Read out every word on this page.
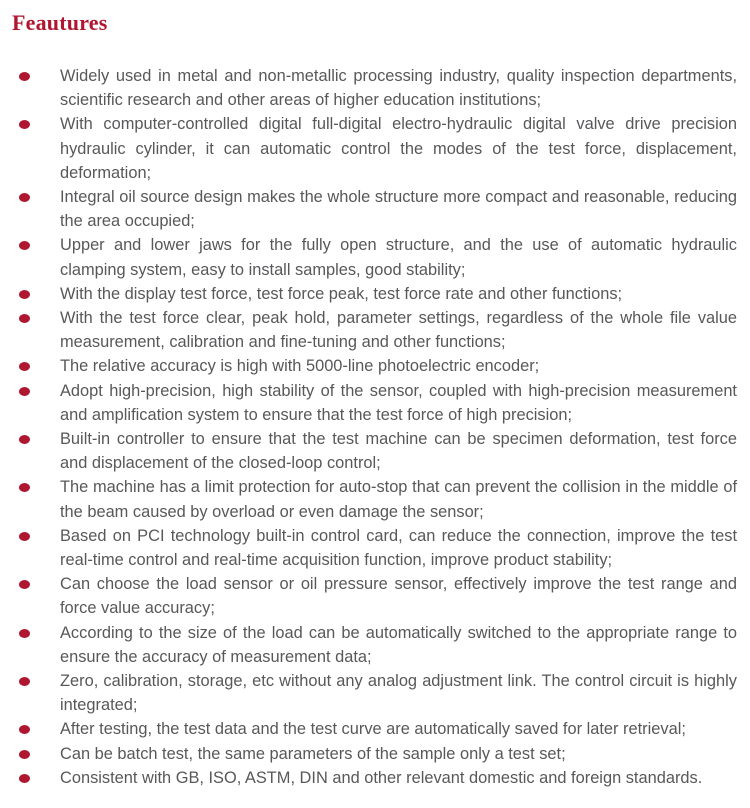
Feautures
Widely used in metal and non-metallic processing industry, quality inspection departments, scientific research and other areas of higher education institutions;
With computer-controlled digital full-digital electro-hydraulic digital valve drive precision hydraulic cylinder, it can automatic control the modes of the test force, displacement, deformation;
Integral oil source design makes the whole structure more compact and reasonable, reducing the area occupied;
Upper and lower jaws for the fully open structure, and the use of automatic hydraulic clamping system, easy to install samples, good stability;
With the display test force, test force peak, test force rate and other functions;
With the test force clear, peak hold, parameter settings, regardless of the whole file value measurement, calibration and fine-tuning and other functions;
The relative accuracy is high with 5000-line photoelectric encoder;
Adopt high-precision, high stability of the sensor, coupled with high-precision measurement and amplification system to ensure that the test force of high precision;
Built-in controller to ensure that the test machine can be specimen deformation, test force and displacement of the closed-loop control;
The machine has a limit protection for auto-stop that can prevent the collision in the middle of the beam caused by overload or even damage the sensor;
Based on PCI technology built-in control card, can reduce the connection, improve the test real-time control and real-time acquisition function, improve product stability;
Can choose the load sensor or oil pressure sensor, effectively improve the test range and force value accuracy;
According to the size of the load can be automatically switched to the appropriate range to ensure the accuracy of measurement data;
Zero, calibration, storage, etc without any analog adjustment link. The control circuit is highly integrated;
After testing, the test data and the test curve are automatically saved for later retrieval;
Can be batch test, the same parameters of the sample only a test set;
Consistent with GB, ISO, ASTM, DIN and other relevant domestic and foreign standards.
